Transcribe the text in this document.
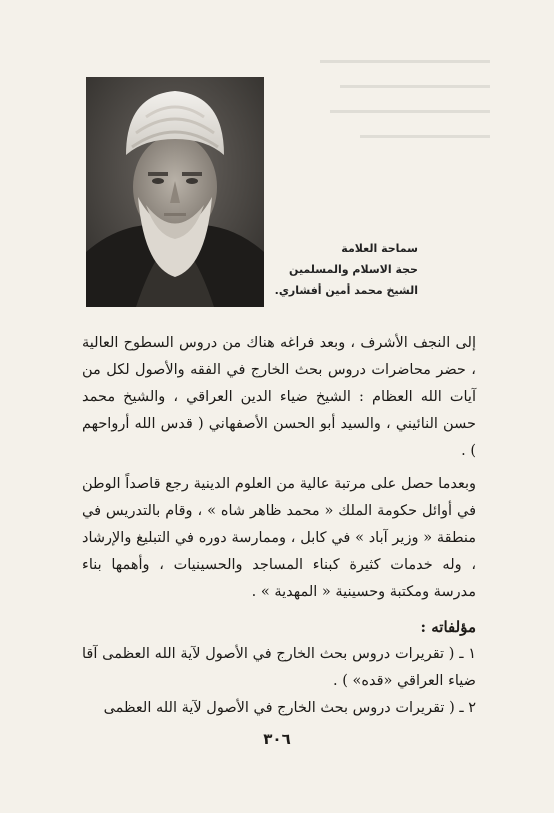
سماحة العلامة
حجة الاسلام والمسلمين
الشيخ محمد أمين أفشاري.

إلى النجف الأشرف ، وبعد فراغه هناك من دروس السطوح العالية ، حضر محاضرات دروس بحث الخارج في الفقه والأصول لكل من آيات الله العظام : الشيخ ضياء الدين العراقي ، والشيخ محمد حسن النائيني ، والسيد أبو الحسن الأصفهاني ( قدس الله أرواحهم ) .

وبعدما حصل على مرتبة عالية من العلوم الدينية رجع قاصداً الوطن في أوائل حكومة الملك « محمد ظاهر شاه » ، وقام بالتدريس في منطقة « وزير آباد » في كابل ، وممارسة دوره في التبليغ والإرشاد ، وله خدمات كثيرة كبناء المساجد والحسينيات ، وأهمها بناء مدرسة ومكتبة وحسينية « المهدية » .

مؤلفاته :

١ ـ ( تقريرات دروس بحث الخارج في الأصول لآية الله العظمى آقا ضياء العراقي «قده» ) .

٢ ـ ( تقريرات دروس بحث الخارج في الأصول لآية الله العظمى

٣٠٦
